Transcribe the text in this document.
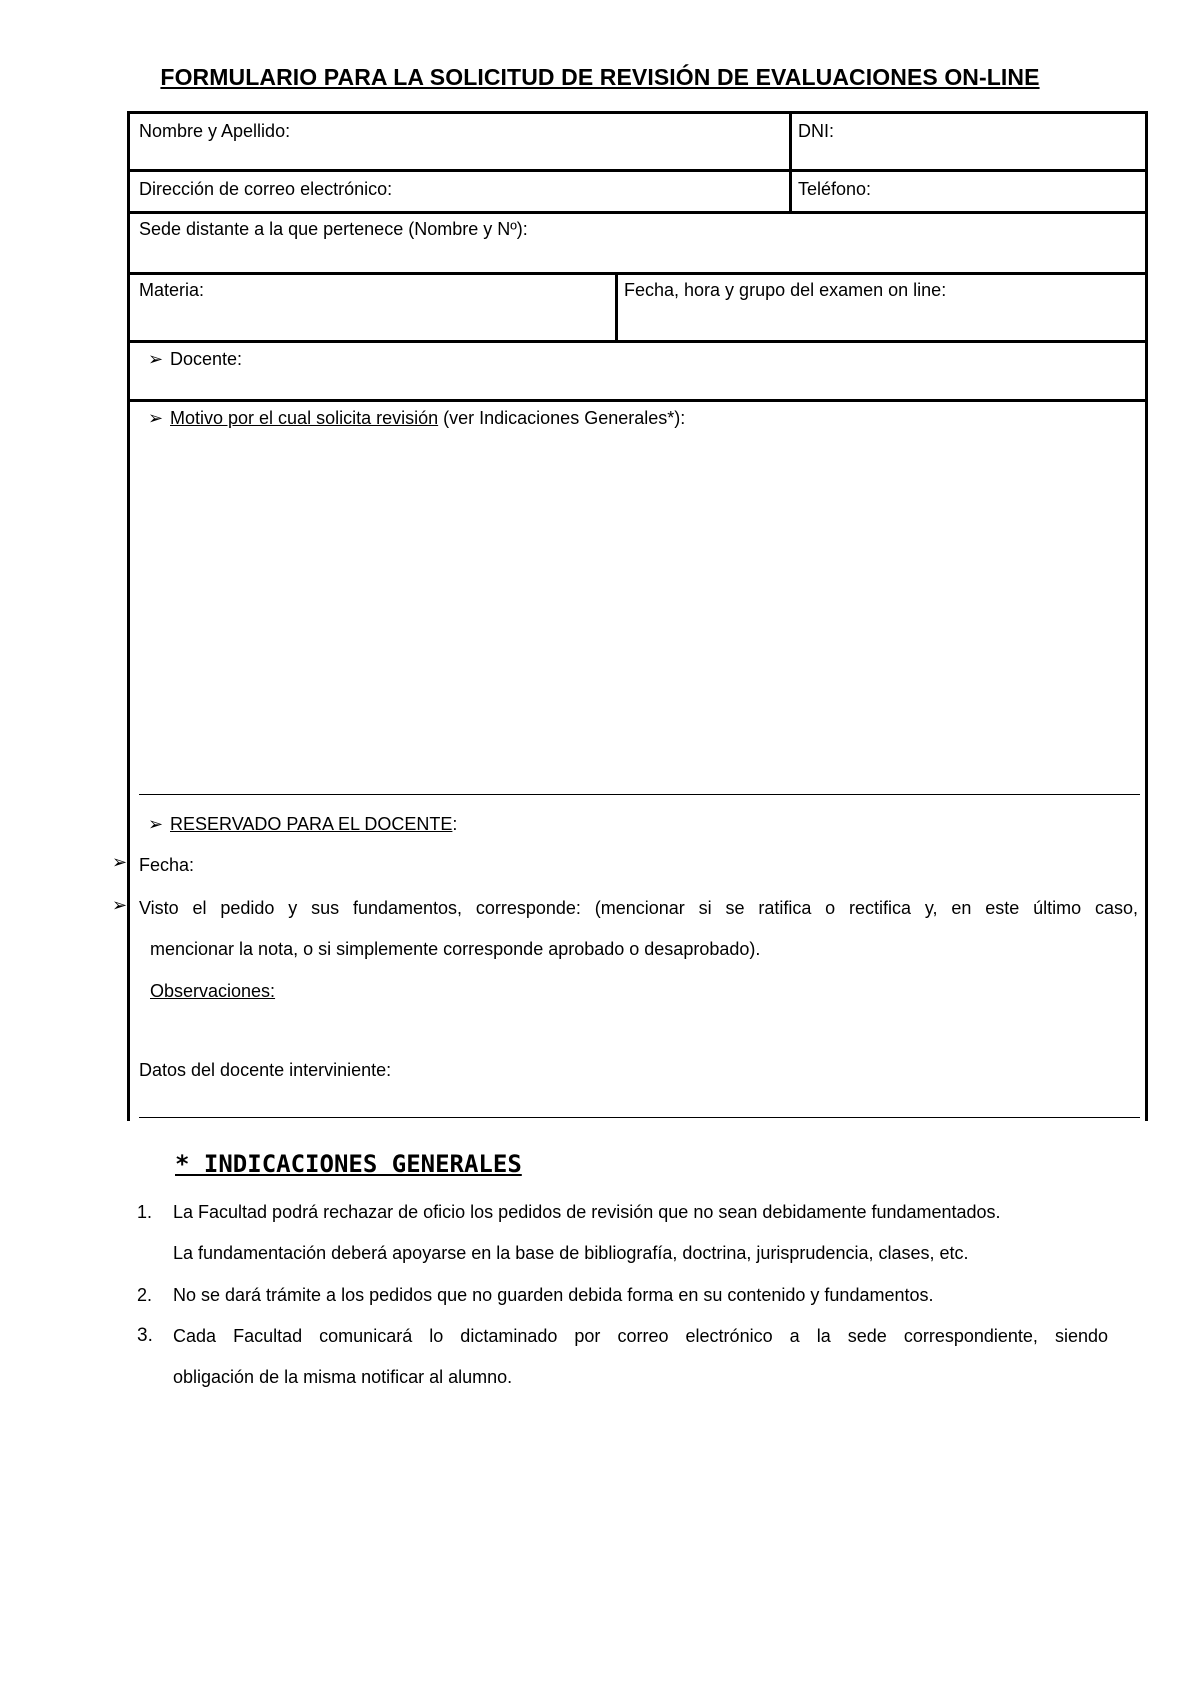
FORMULARIO PARA LA SOLICITUD DE REVISIÓN DE EVALUACIONES ON-LINE
Nombre y Apellido:	DNI:
Dirección de correo electrónico:	Teléfono:
Sede distante a la que pertenece (Nombre y Nº):
Materia:	Fecha, hora y grupo del examen on line:
➢ Docente:
➢ Motivo por el cual solicita revisión (ver Indicaciones Generales*):
➢ RESERVADO PARA EL DOCENTE:
Fecha:
Visto el pedido y sus fundamentos, corresponde: (mencionar si se ratifica o rectifica y, en este último caso,
mencionar la nota, o si simplemente corresponde aprobado o desaprobado).
Observaciones:
Datos del docente interviniente:
➢
➢
* INDICACIONES GENERALES
1. La Facultad podrá rechazar de oficio los pedidos de revisión que no sean debidamente fundamentados.
La fundamentación deberá apoyarse en la base de bibliografía, doctrina, jurisprudencia, clases, etc.
2. No se dará trámite a los pedidos que no guarden debida forma en su contenido y fundamentos.
3. Cada Facultad comunicará lo dictaminado por correo electrónico a la sede correspondiente, siendo
obligación de la misma notificar al alumno.
